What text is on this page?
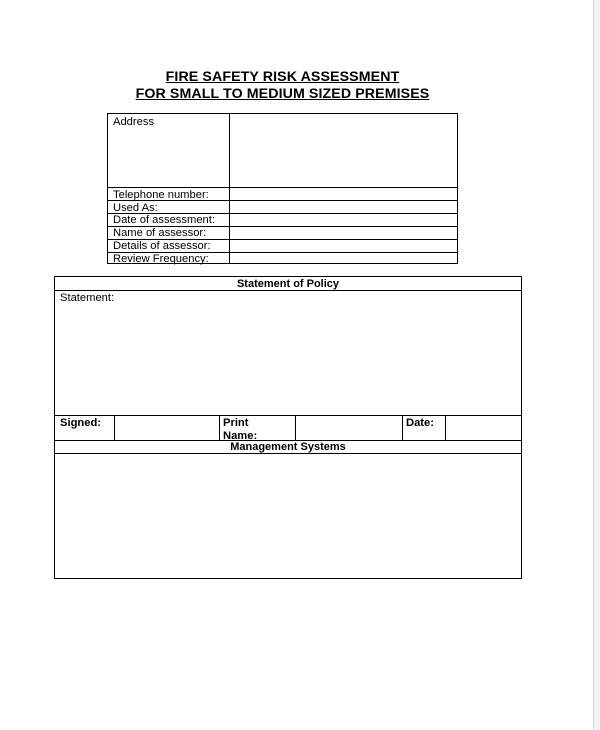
FIRE SAFETY RISK ASSESSMENT
FOR SMALL TO MEDIUM SIZED PREMISES
Address
Telephone number:
Used As:
Date of assessment:
Name of assessor:
Details of assessor:
Review Frequency:
Statement of Policy
Statement:
Signed:	Print
Name:
Date:
Management Systems
